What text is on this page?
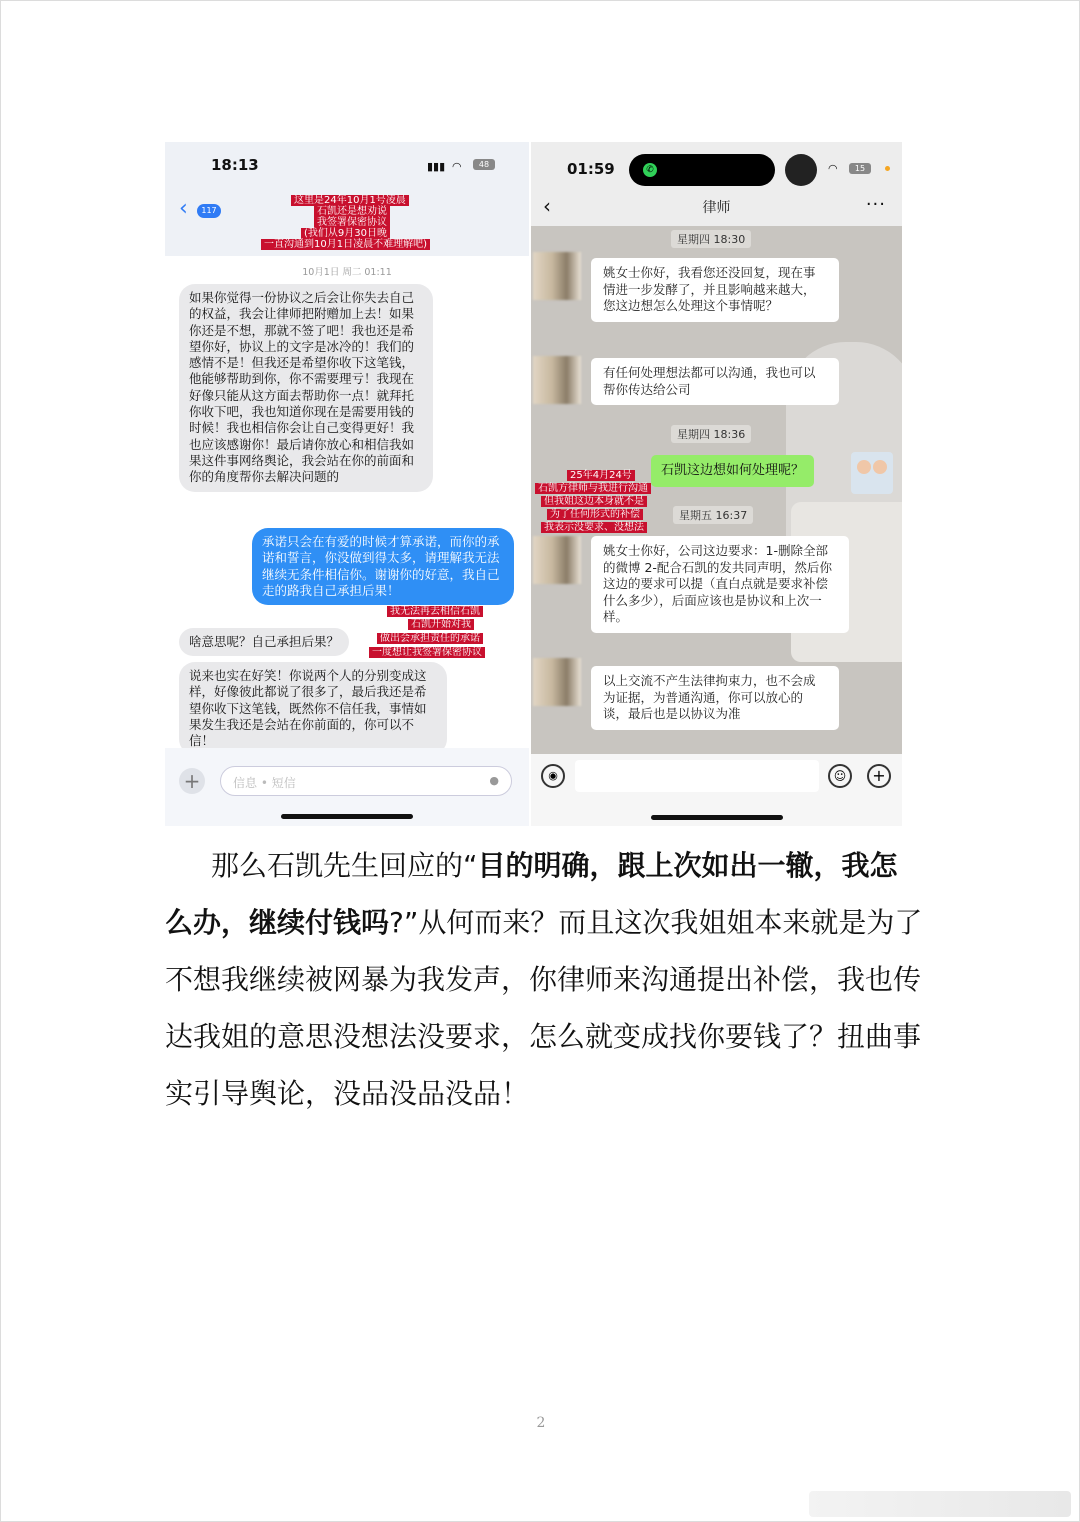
18:13	▮▮▮ ◠	48
‹	117
这里是24年10月1号凌晨
石凯还是想劝说
我签署保密协议
(我们从9月30日晚
一直沟通到10月1日凌晨不难理解吧)
10月1日 周二 01:11
如果你觉得一份协议之后会让你失去自己的权益，我会让律师把附赠加上去！如果你还是不想，那就不签了吧！我也还是希望你好，协议上的文字是冰冷的！我们的感情不是！但我还是希望你收下这笔钱，他能够帮助到你，你不需要理亏！我现在好像只能从这方面去帮助你一点！就拜托你收下吧，我也知道你现在是需要用钱的时候！我也相信你会让自己变得更好！我也应该感谢你！最后请你放心和相信我如果这件事网络舆论，我会站在你的前面和你的角度帮你去解决问题的
承诺只会在有爱的时候才算承诺，而你的承诺和誓言，你没做到得太多，请理解我无法继续无条件相信你。谢谢你的好意，我自己走的路我自己承担后果！
我无法再去相信石凯
石凯开始对我
做出会承担责任的承诺
一度想让我签署保密协议
啥意思呢？自己承担后果？
说来也实在好笑！你说两个人的分别变成这样，好像彼此都说了很多了，最后我还是希望你收下这笔钱，既然你不信任我，事情如果发生我还是会站在你前面的，你可以不信！
+	信息 • 短信	●
01:59	✆	◠	15
‹	律师	···
星期四 18:30
姚女士你好，我看您还没回复，现在事情进一步发酵了，并且影响越来越大，您这边想怎么处理这个事情呢？
有任何处理想法都可以沟通，我也可以帮你传达给公司
星期四 18:36
石凯这边想如何处理呢？
25年4月24号
石凯方律师与我进行沟通
但我姐这边本身就不是
为了任何形式的补偿
我表示没要求、没想法
星期五 16:37
姚女士你好，公司这边要求：1-删除全部的微博 2-配合石凯的发共同声明，然后你这边的要求可以提（直白点就是要求补偿什么多少），后面应该也是协议和上次一样。
以上交流不产生法律拘束力，也不会成为证据，为普通沟通，你可以放心的谈，最后也是以协议为准
◉	☺	+
那么石凯先生回应的“目的明确，跟上次如出一辙，我怎么办，继续付钱吗?”从何而来？而且这次我姐姐本来就是为了不想我继续被网暴为我发声，你律师来沟通提出补偿，我也传达我姐的意思没想法没要求，怎么就变成找你要钱了？扭曲事实引导舆论，没品没品没品！
2
